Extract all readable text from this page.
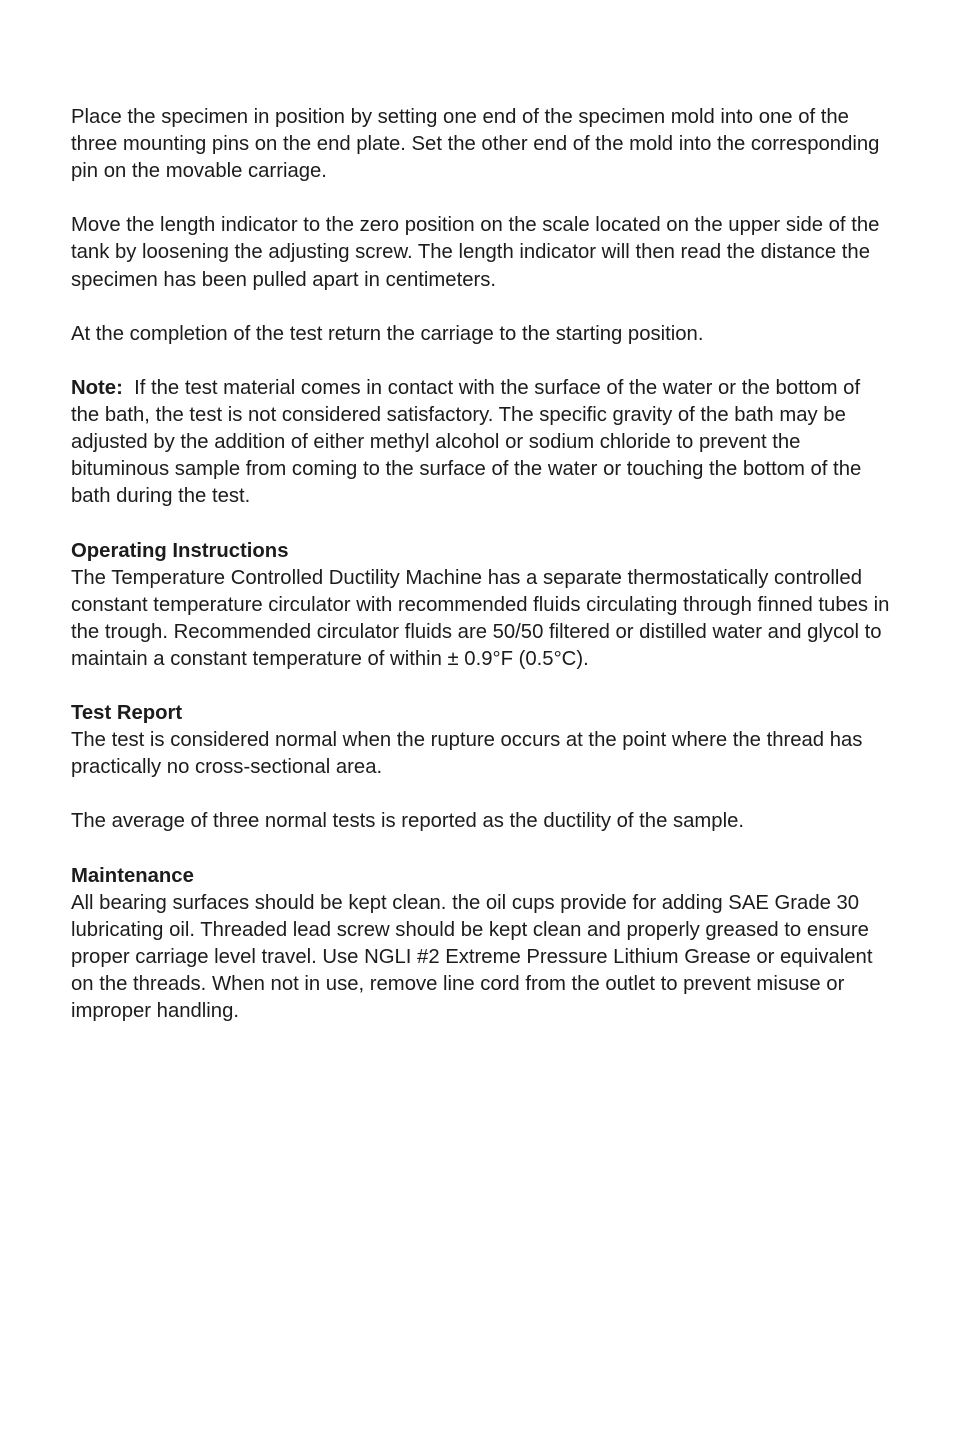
Place the specimen in position by setting one end of the specimen mold into one of the three mounting pins on the end plate. Set the other end of the mold into the corresponding pin on the movable carriage.

Move the length indicator to the zero position on the scale located on the upper side of the tank by loosening the adjusting screw. The length indicator will then read the distance the specimen has been pulled apart in centimeters.

At the completion of the test return the carriage to the starting position.

Note: If the test material comes in contact with the surface of the water or the bottom of the bath, the test is not considered satisfactory. The specific gravity of the bath may be adjusted by the addition of either methyl alcohol or sodium chloride to prevent the bituminous sample from coming to the surface of the water or touching the bottom of the bath during the test.

Operating Instructions
The Temperature Controlled Ductility Machine has a separate thermostatically controlled constant temperature circulator with recommended fluids circulating through finned tubes in the trough. Recommended circulator fluids are 50/50 filtered or distilled water and glycol to maintain a constant temperature of within ± 0.9°F (0.5°C).

Test Report
The test is considered normal when the rupture occurs at the point where the thread has practically no cross-sectional area.

The average of three normal tests is reported as the ductility of the sample.

Maintenance
All bearing surfaces should be kept clean. the oil cups provide for adding SAE Grade 30 lubricating oil. Threaded lead screw should be kept clean and properly greased to ensure proper carriage level travel. Use NGLI #2 Extreme Pressure Lithium Grease or equivalent on the threads. When not in use, remove line cord from the outlet to prevent misuse or improper handling.
